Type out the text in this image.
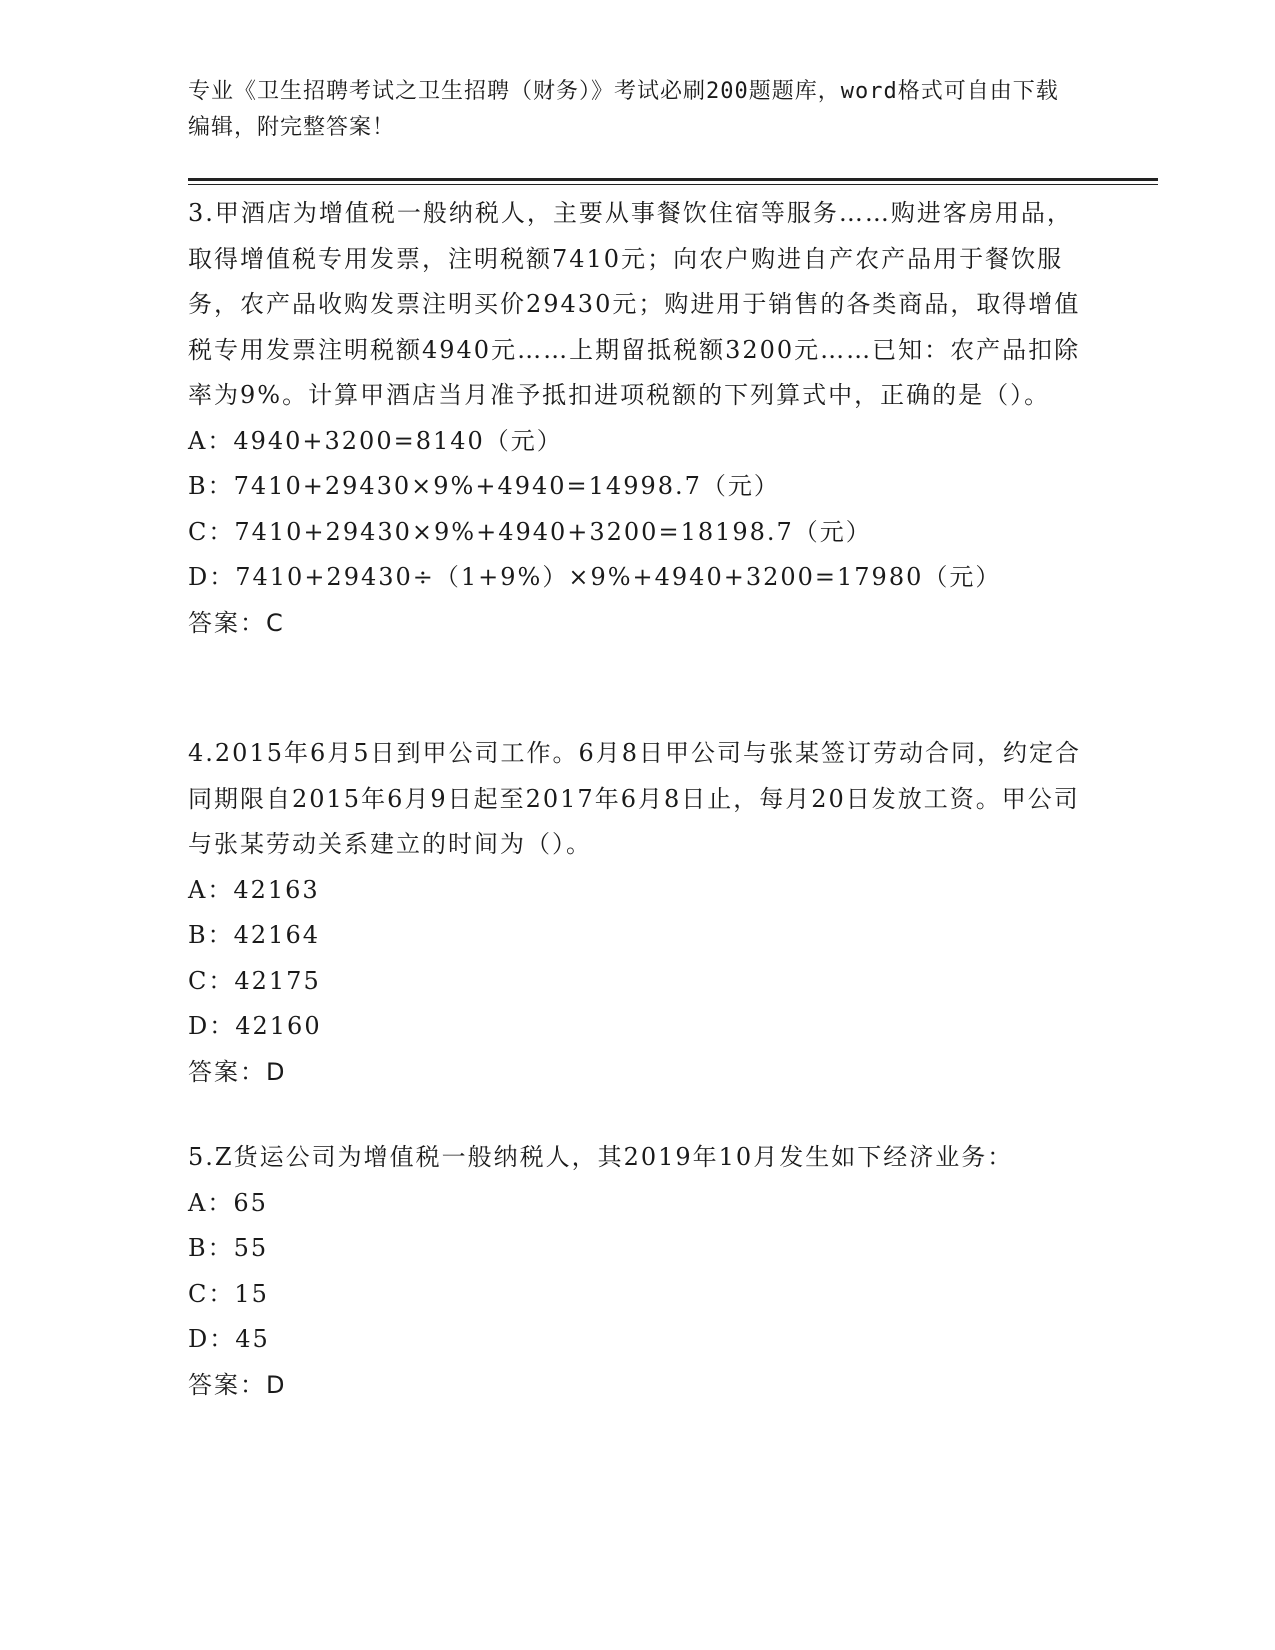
专业《卫生招聘考试之卫生招聘（财务）》考试必刷200题题库，word格式可自由下载编辑，附完整答案！

3.甲酒店为增值税一般纳税人，主要从事餐饮住宿等服务……购进客房用品，取得增值税专用发票，注明税额7410元；向农户购进自产农产品用于餐饮服务，农产品收购发票注明买价29430元；购进用于销售的各类商品，取得增值税专用发票注明税额4940元……上期留抵税额3200元……已知：农产品扣除率为9%。计算甲酒店当月准予抵扣进项税额的下列算式中，正确的是（）。

A：4940+3200=8140（元）

B：7410+29430×9%+4940=14998.7（元）

C：7410+29430×9%+4940+3200=18198.7（元）

D：7410+29430÷（1+9%）×9%+4940+3200=17980（元）

答案：C

4.2015年6月5日到甲公司工作。6月8日甲公司与张某签订劳动合同，约定合同期限自2015年6月9日起至2017年6月8日止，每月20日发放工资。甲公司与张某劳动关系建立的时间为（）。

A：42163

B：42164

C：42175

D：42160

答案：D

5.Z货运公司为增值税一般纳税人，其2019年10月发生如下经济业务：

A：65

B：55

C：15

D：45

答案：D
